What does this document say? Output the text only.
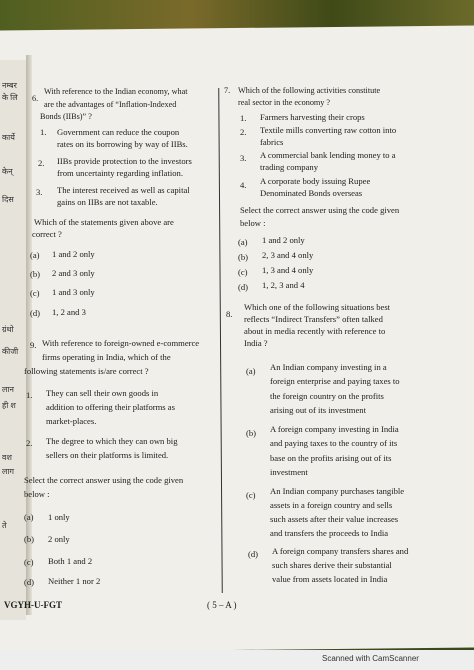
नम्बर
के लि
कार्ये
केन्
दिस
ग्रंथो
कीजी
लान
ही श
वश
लाग
ते
6.
With reference to the Indian economy, what
are the advantages of “Inflation-Indexed
Bonds (IIBs)” ?
1. Government can reduce the coupon
rates on its borrowing by way of IIBs.
2. IIBs provide protection to the investors
from uncertainty regarding inflation.
3. The interest received as well as capital
gains on IIBs are not taxable.
Which of the statements given above are
correct ?
(a) 1 and 2 only
(b) 2 and 3 only
(c) 1 and 3 only
(d) 1, 2 and 3
9. With reference to foreign-owned e-commerce
firms operating in India, which of the
following statements is/are correct ?
1. They can sell their own goods in
addition to offering their platforms as
market-places.
2. The degree to which they can own big
sellers on their platforms is limited.
Select the correct answer using the code given
below :
(a) 1 only
(b) 2 only
(c) Both 1 and 2
(d) Neither 1 nor 2
7. Which of the following activities constitute
real sector in the economy ?
1. Farmers harvesting their crops
2. Textile mills converting raw cotton into
fabrics
3. A commercial bank lending money to a
trading company
4. A corporate body issuing Rupee
Denominated Bonds overseas
Select the correct answer using the code given
below :
(a) 1 and 2 only
(b) 2, 3 and 4 only
(c) 1, 3 and 4 only
(d) 1, 2, 3 and 4
8.
Which one of the following situations best
reflects “Indirect Transfers” often talked
about in media recently with reference to
India ?
(a) An Indian company investing in a
foreign enterprise and paying taxes to
the foreign country on the profits
arising out of its investment
(b) A foreign company investing in India
and paying taxes to the country of its
base on the profits arising out of its
investment
(c) An Indian company purchases tangible
assets in a foreign country and sells
such assets after their value increases
and transfers the proceeds to India
(d) A foreign company transfers shares and
such shares derive their substantial
value from assets located in India
VGYH-U-FGT	( 5 – A )
Scanned with CamScanner
